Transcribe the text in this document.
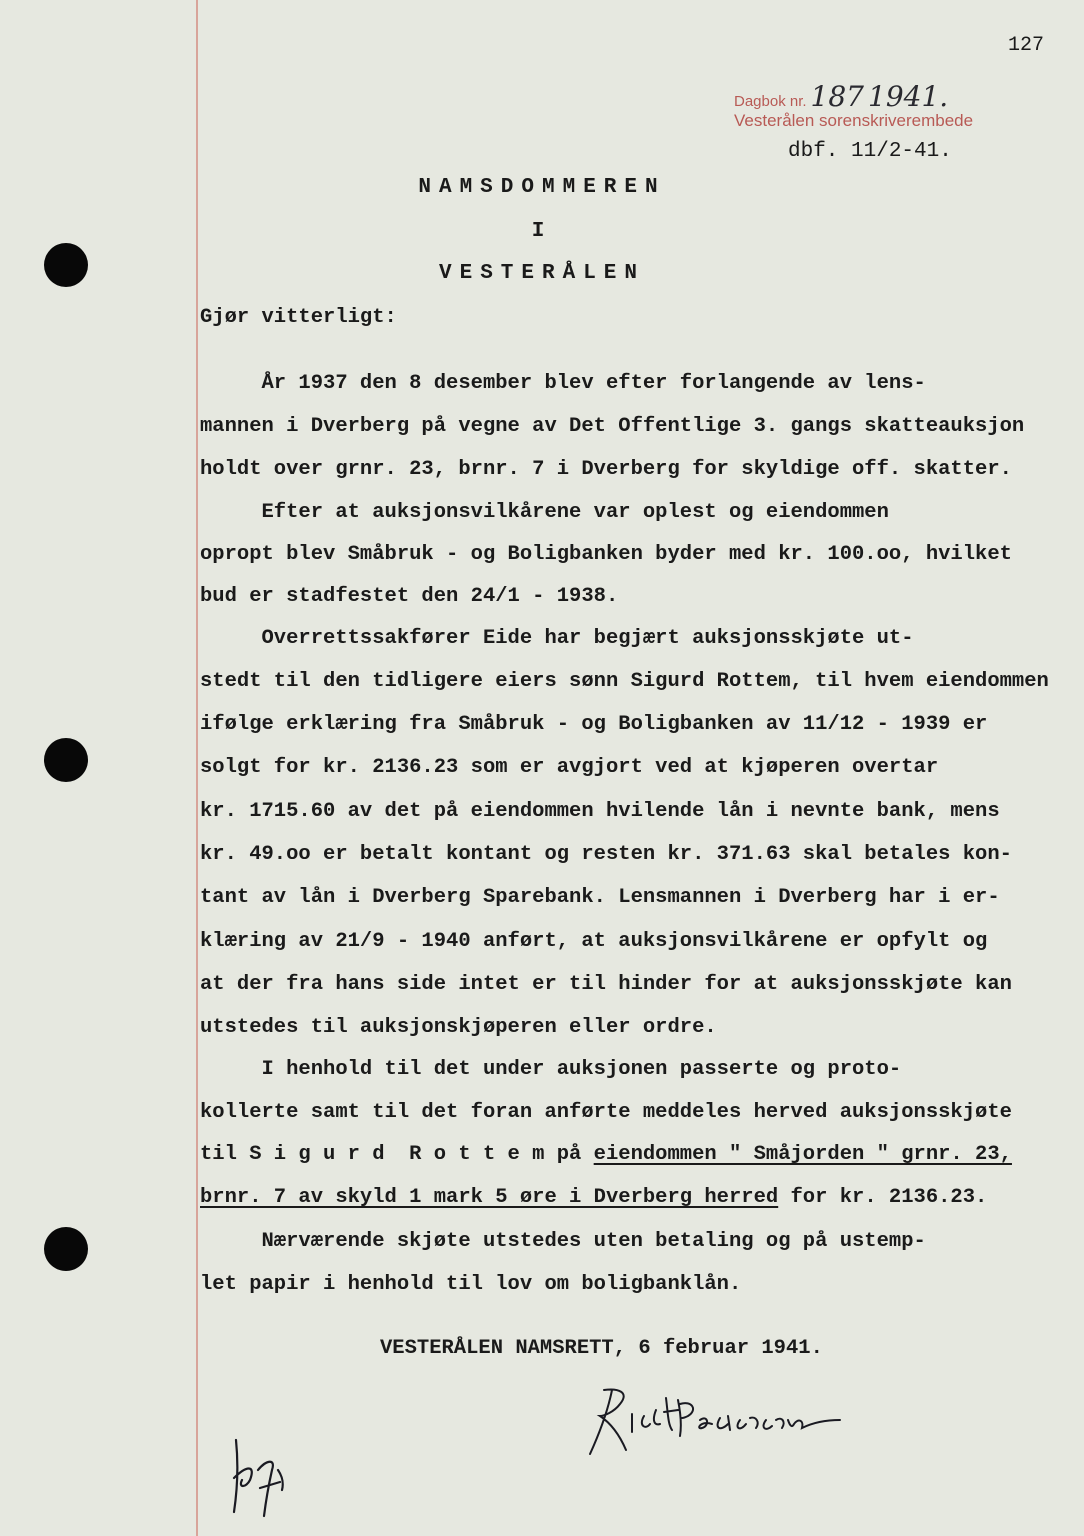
127
Dagbok nr. 187 1941.
Vesterålen sorenskriverembede
dbf. 11/2-41.
NAMSDOMMEREN
I
VESTERÅLEN
Gjør vitterligt:
År 1937 den 8 desember blev efter forlangende av lens-
mannen i Dverberg på vegne av Det Offentlige 3. gangs skatteauksjon
holdt over grnr. 23, brnr. 7 i Dverberg for skyldige off. skatter.
Efter at auksjonsvilkårene var oplest og eiendommen
opropt blev Småbruk - og Boligbanken byder med kr. 100.oo, hvilket
bud er stadfestet den 24/1 - 1938.
Overrettssakfører Eide har begjært auksjonsskjøte ut-
stedt til den tidligere eiers sønn Sigurd Rottem, til hvem eiendommen
ifølge erklæring fra Småbruk - og Boligbanken av 11/12 - 1939 er
solgt for kr. 2136.23 som er avgjort ved at kjøperen overtar
kr. 1715.60 av det på eiendommen hvilende lån i nevnte bank, mens
kr. 49.oo er betalt kontant og resten kr. 371.63 skal betales kon-
tant av lån i Dverberg Sparebank. Lensmannen i Dverberg har i er-
klæring av 21/9 - 1940 anført, at auksjonsvilkårene er opfylt og
at der fra hans side intet er til hinder for at auksjonsskjøte kan
utstedes til auksjonskjøperen eller ordre.
I henhold til det under auksjonen passerte og proto-
kollerte samt til det foran anførte meddeles herved auksjonsskjøte
til S i g u r d  R o t t e m på eiendommen " Småjorden " grnr. 23,
brnr. 7 av skyld 1 mark 5 øre i Dverberg herred for kr. 2136.23.
Nærværende skjøte utstedes uten betaling og på ustemp-
let papir i henhold til lov om boligbanklån.
VESTERÅLEN NAMSRETT, 6 februar 1941.
